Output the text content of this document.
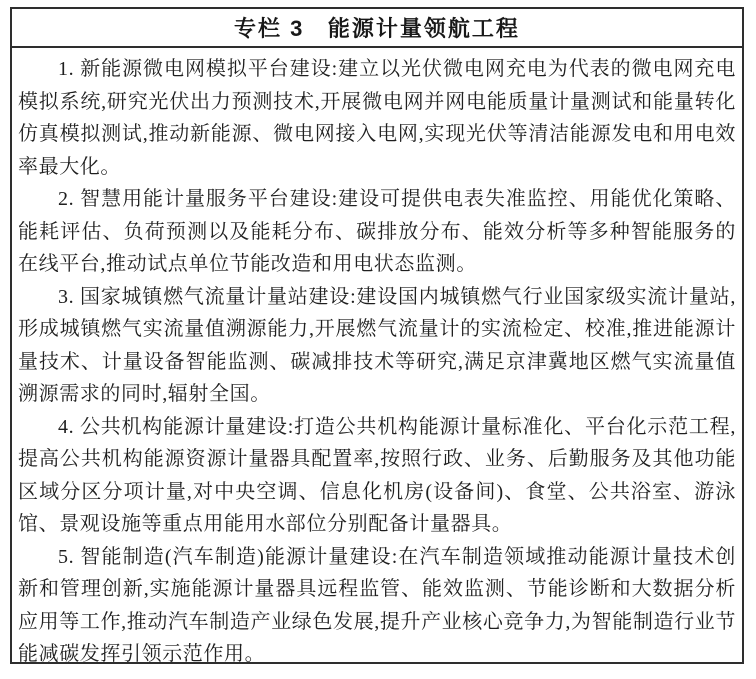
专栏 3 能源计量领航工程

1. 新能源微电网模拟平台建设:建立以光伏微电网充电为代表的微电网充电模拟系统,研究光伏出力预测技术,开展微电网并网电能质量计量测试和能量转化仿真模拟测试,推动新能源、微电网接入电网,实现光伏等清洁能源发电和用电效率最大化。

2. 智慧用能计量服务平台建设:建设可提供电表失准监控、用能优化策略、能耗评估、负荷预测以及能耗分布、碳排放分布、能效分析等多种智能服务的在线平台,推动试点单位节能改造和用电状态监测。

3. 国家城镇燃气流量计量站建设:建设国内城镇燃气行业国家级实流计量站,形成城镇燃气实流量值溯源能力,开展燃气流量计的实流检定、校准,推进能源计量技术、计量设备智能监测、碳减排技术等研究,满足京津冀地区燃气实流量值溯源需求的同时,辐射全国。

4. 公共机构能源计量建设:打造公共机构能源计量标准化、平台化示范工程,提高公共机构能源资源计量器具配置率,按照行政、业务、后勤服务及其他功能区域分区分项计量,对中央空调、信息化机房(设备间)、食堂、公共浴室、游泳馆、景观设施等重点用能用水部位分别配备计量器具。

5. 智能制造(汽车制造)能源计量建设:在汽车制造领域推动能源计量技术创新和管理创新,实施能源计量器具远程监管、能效监测、节能诊断和大数据分析应用等工作,推动汽车制造产业绿色发展,提升产业核心竞争力,为智能制造行业节能减碳发挥引领示范作用。
